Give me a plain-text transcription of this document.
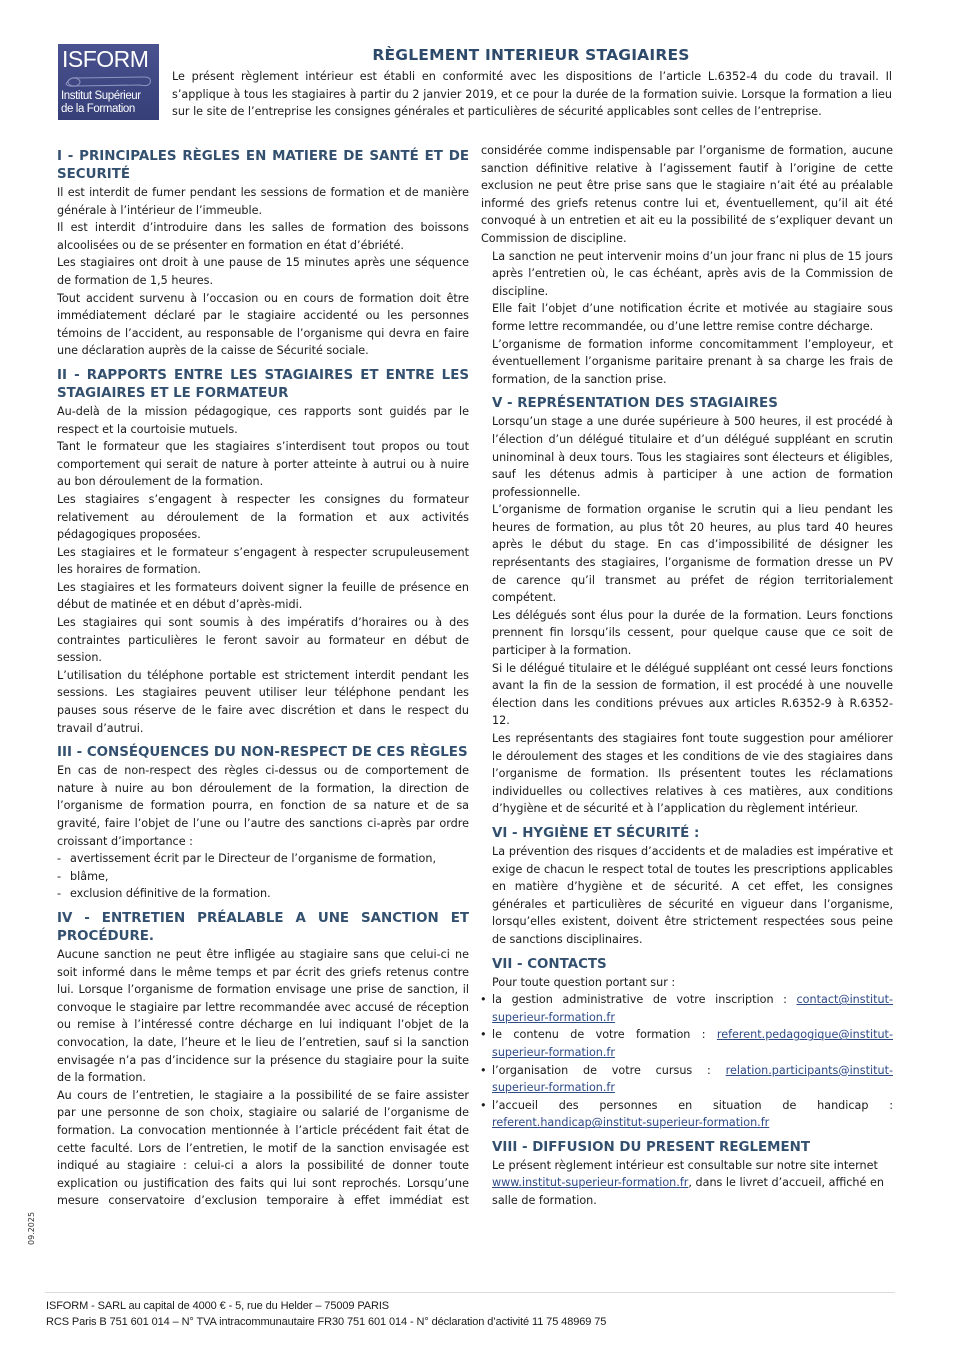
ISFORM
Institut Supérieur
de la Formation
RÈGLEMENT INTERIEUR STAGIAIRES

Le présent règlement intérieur est établi en conformité avec les dispositions de l’article L.6352-4 du code du travail. Il s’applique à tous les stagiaires à partir du 2 janvier 2019, et ce pour la durée de la formation suivie. Lorsque la formation a lieu sur le site de l’entreprise les consignes générales et particulières de sécurité applicables sont celles de l’entreprise.

I - PRINCIPALES RÈGLES EN MATIERE DE SANTÉ ET DE SECURITÉ

Il est interdit de fumer pendant les sessions de formation et de manière générale à l’intérieur de l’immeuble.

Il est interdit d’introduire dans les salles de formation des boissons alcoolisées ou de se présenter en formation en état d’ébriété.

Les stagiaires ont droit à une pause de 15 minutes après une séquence de formation de 1,5 heures.

Tout accident survenu à l’occasion ou en cours de formation doit être immédiatement déclaré par le stagiaire accidenté ou les personnes témoins de l’accident, au responsable de l’organisme qui devra en faire une déclaration auprès de la caisse de Sécurité sociale.

II - RAPPORTS ENTRE LES STAGIAIRES ET ENTRE LES STAGIAIRES ET LE FORMATEUR

Au-delà de la mission pédagogique, ces rapports sont guidés par le respect et la courtoisie mutuels.

Tant le formateur que les stagiaires s’interdisent tout propos ou tout comportement qui serait de nature à porter atteinte à autrui ou à nuire au bon déroulement de la formation.

Les stagiaires s’engagent à respecter les consignes du formateur relativement au déroulement de la formation et aux activités pédagogiques proposées.

Les stagiaires et le formateur s’engagent à respecter scrupuleusement les horaires de formation.

Les stagiaires et les formateurs doivent signer la feuille de présence en début de matinée et en début d’après-midi.

Les stagiaires qui sont soumis à des impératifs d’horaires ou à des contraintes particulières le feront savoir au formateur en début de session.

L’utilisation du téléphone portable est strictement interdit pendant les sessions. Les stagiaires peuvent utiliser leur téléphone pendant les pauses sous réserve de le faire avec discrétion et dans le respect du travail d’autrui.

III - CONSÉQUENCES DU NON-RESPECT DE CES RÈGLES

En cas de non-respect des règles ci-dessus ou de comportement de nature à nuire au bon déroulement de la formation, la direction de l’organisme de formation pourra, en fonction de sa nature et de sa gravité, faire l’objet de l’une ou l’autre des sanctions ci-après par ordre croissant d’importance :

- avertissement écrit par le Directeur de l’organisme de formation,
- blâme,
- exclusion définitive de la formation.
IV - ENTRETIEN PRÉALABLE A UNE SANCTION ET PROCÉDURE.

Aucune sanction ne peut être infligée au stagiaire sans que celui-ci ne soit informé dans le même temps et par écrit des griefs retenus contre lui. Lorsque l’organisme de formation envisage une prise de sanction, il convoque le stagiaire par lettre recommandée avec accusé de réception ou remise à l’intéressé contre décharge en lui indiquant l’objet de la convocation, la date, l’heure et le lieu de l’entretien, sauf si la sanction envisagée n’a pas d’incidence sur la présence du stagiaire pour la suite de la formation.

Au cours de l’entretien, le stagiaire a la possibilité de se faire assister par une personne de son choix, stagiaire ou salarié de l’organisme de formation. La convocation mentionnée à l’article précédent fait état de cette faculté. Lors de l’entretien, le motif de la sanction envisagée est indiqué au stagiaire : celui-ci a alors la possibilité de donner toute explication ou justification des faits qui lui sont reprochés. Lorsqu’une mesure conservatoire d’exclusion temporaire à effet immédiat est

considérée comme indispensable par l’organisme de formation, aucune sanction définitive relative à l’agissement fautif à l’origine de cette exclusion ne peut être prise sans que le stagiaire n’ait été au préalable informé des griefs retenus contre lui et, éventuellement, qu’il ait été convoqué à un entretien et ait eu la possibilité de s’expliquer devant un Commission de discipline.

La sanction ne peut intervenir moins d’un jour franc ni plus de 15 jours après l’entretien où, le cas échéant, après avis de la Commission de discipline.

Elle fait l’objet d’une notification écrite et motivée au stagiaire sous forme lettre recommandée, ou d’une lettre remise contre décharge.

L’organisme de formation informe concomitamment l’employeur, et éventuellement l’organisme paritaire prenant à sa charge les frais de formation, de la sanction prise.

V - REPRÉSENTATION DES STAGIAIRES

Lorsqu’un stage a une durée supérieure à 500 heures, il est procédé à l’élection d’un délégué titulaire et d’un délégué suppléant en scrutin uninominal à deux tours. Tous les stagiaires sont électeurs et éligibles, sauf les détenus admis à participer à une action de formation professionnelle.

L’organisme de formation organise le scrutin qui a lieu pendant les heures de formation, au plus tôt 20 heures, au plus tard 40 heures après le début du stage. En cas d’impossibilité de désigner les représentants des stagiaires, l’organisme de formation dresse un PV de carence qu’il transmet au préfet de région territorialement compétent.

Les délégués sont élus pour la durée de la formation. Leurs fonctions prennent fin lorsqu’ils cessent, pour quelque cause que ce soit de participer à la formation.

Si le délégué titulaire et le délégué suppléant ont cessé leurs fonctions avant la fin de la session de formation, il est procédé à une nouvelle élection dans les conditions prévues aux articles R.6352-9 à R.6352-12.

Les représentants des stagiaires font toute suggestion pour améliorer le déroulement des stages et les conditions de vie des stagiaires dans l’organisme de formation. Ils présentent toutes les réclamations individuelles ou collectives relatives à ces matières, aux conditions d’hygiène et de sécurité et à l’application du règlement intérieur.

VI - HYGIÈNE ET SÉCURITÉ :

La prévention des risques d’accidents et de maladies est impérative et exige de chacun le respect total de toutes les prescriptions applicables en matière d’hygiène et de sécurité. A cet effet, les consignes générales et particulières de sécurité en vigueur dans l’organisme, lorsqu’elles existent, doivent être strictement respectées sous peine de sanctions disciplinaires.

VII - CONTACTS

Pour toute question portant sur :

• la gestion administrative de votre inscription : contact@institut-superieur-formation.fr
• le contenu de votre formation : referent.pedagogique@institut-superieur-formation.fr
• l’organisation de votre cursus : relation.participants@institut-superieur-formation.fr
• l’accueil des personnes en situation de handicap : referent.handicap@institut-superieur-formation.fr
VIII - DIFFUSION DU PRESENT REGLEMENT

Le présent règlement intérieur est consultable sur notre site internet www.institut-superieur-formation.fr, dans le livret d’accueil, affiché en salle de formation.

09.2025
ISFORM - SARL au capital de 4000 € - 5, rue du Helder – 75009 PARIS
RCS Paris B 751 601 014 – N° TVA intracommunautaire FR30 751 601 014 - N° déclaration d’activité 11 75 48969 75
